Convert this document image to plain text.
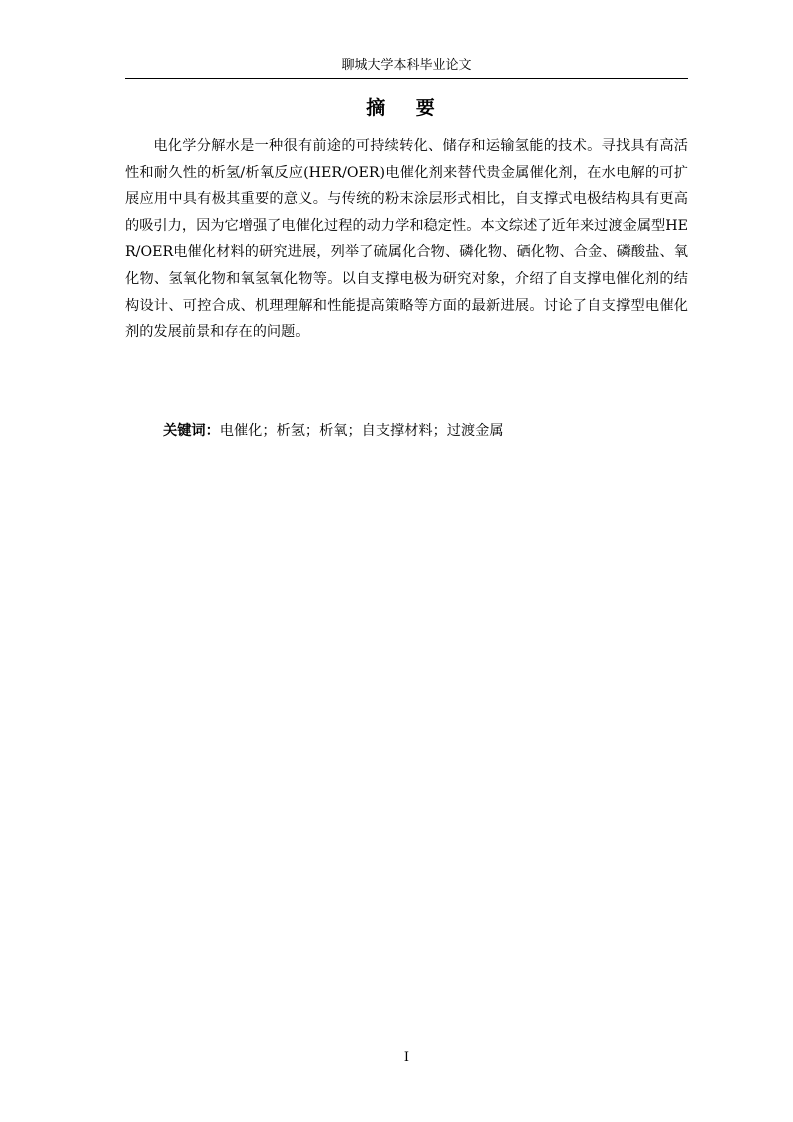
聊城大学本科毕业论文
摘 要

电化学分解水是一种很有前途的可持续转化、储存和运输氢能的技术。寻找具有高活性和耐久性的析氢/析氧反应(HER/OER)电催化剂来替代贵金属催化剂，在水电解的可扩展应用中具有极其重要的意义。与传统的粉末涂层形式相比，自支撑式电极结构具有更高的吸引力，因为它增强了电催化过程的动力学和稳定性。本文综述了近年来过渡金属型HER/OER电催化材料的研究进展，列举了硫属化合物、磷化物、硒化物、合金、磷酸盐、氧化物、氢氧化物和氧氢氧化物等。以自支撑电极为研究对象，介绍了自支撑电催化剂的结构设计、可控合成、机理理解和性能提高策略等方面的最新进展。讨论了自支撑型电催化剂的发展前景和存在的问题。

关键词：电催化；析氢；析氧；自支撑材料；过渡金属

I
